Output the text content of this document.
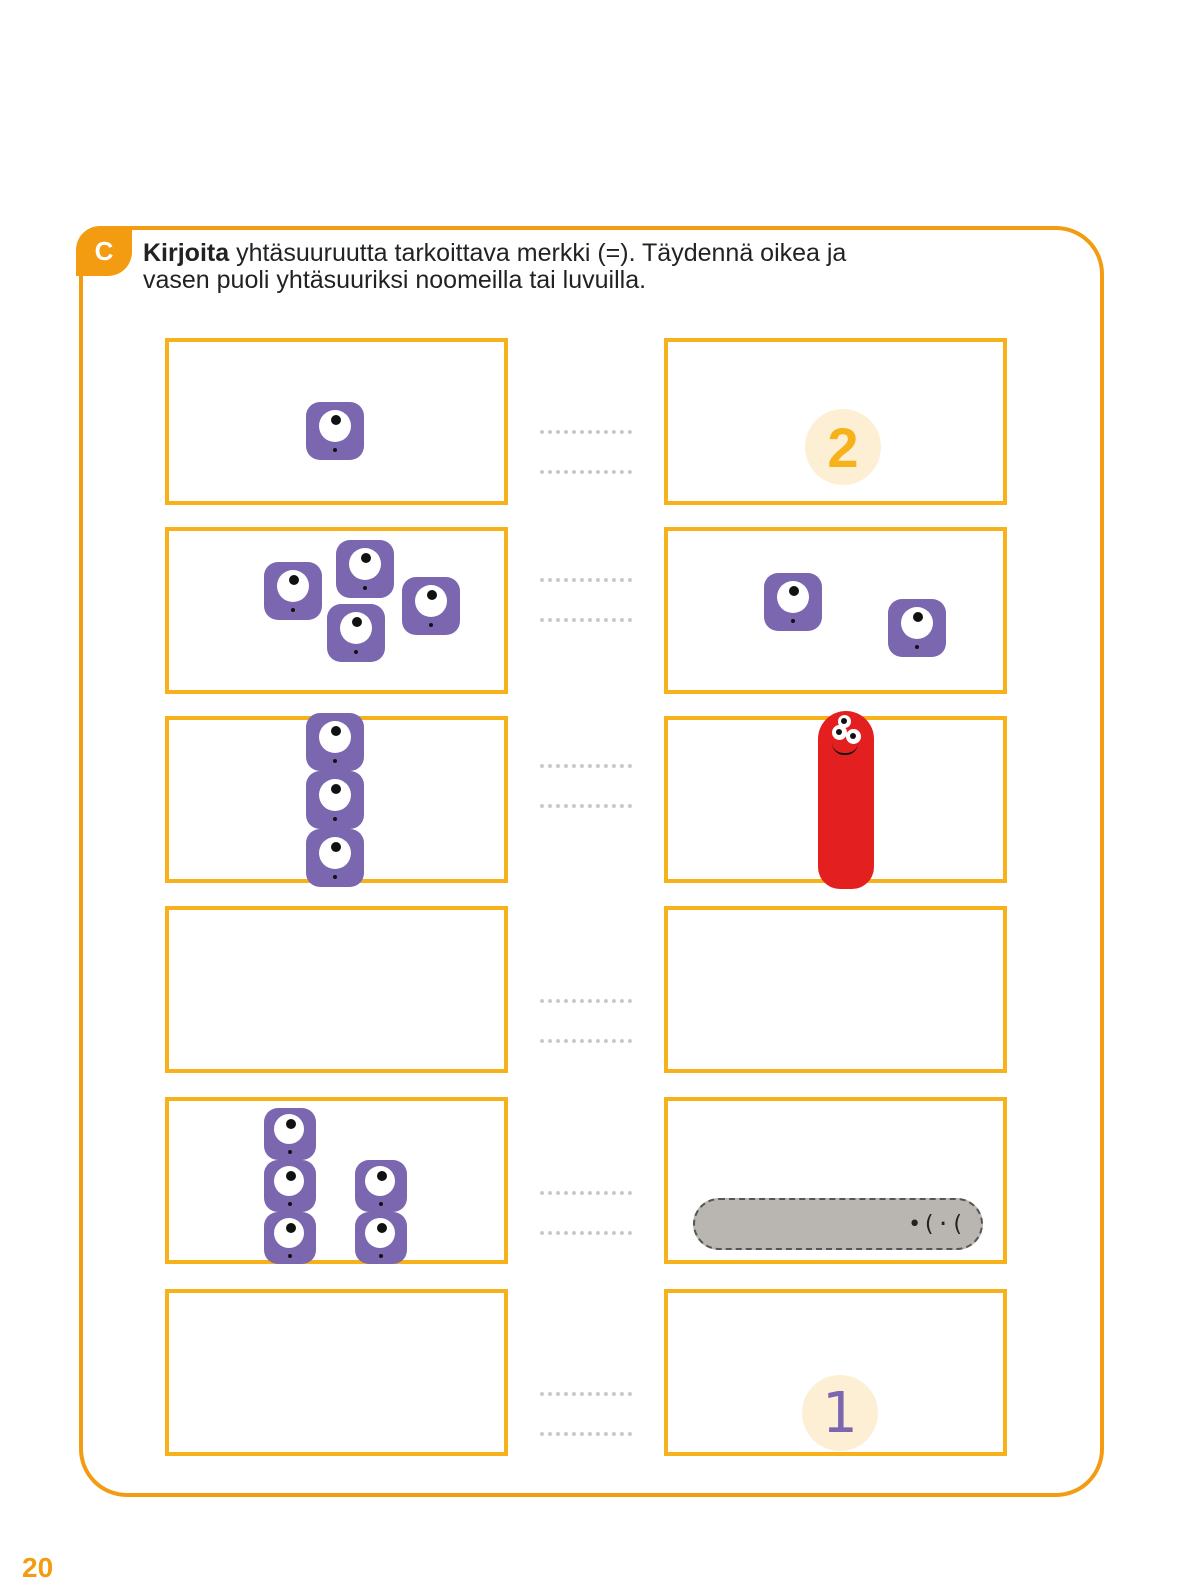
C Kirjoita yhtäsuuruutta tarkoittava merkki (=). Täydennä oikea ja
vasen puoli yhtäsuuriksi noomeilla tai luvuilla.
2
•(·(
1
20
